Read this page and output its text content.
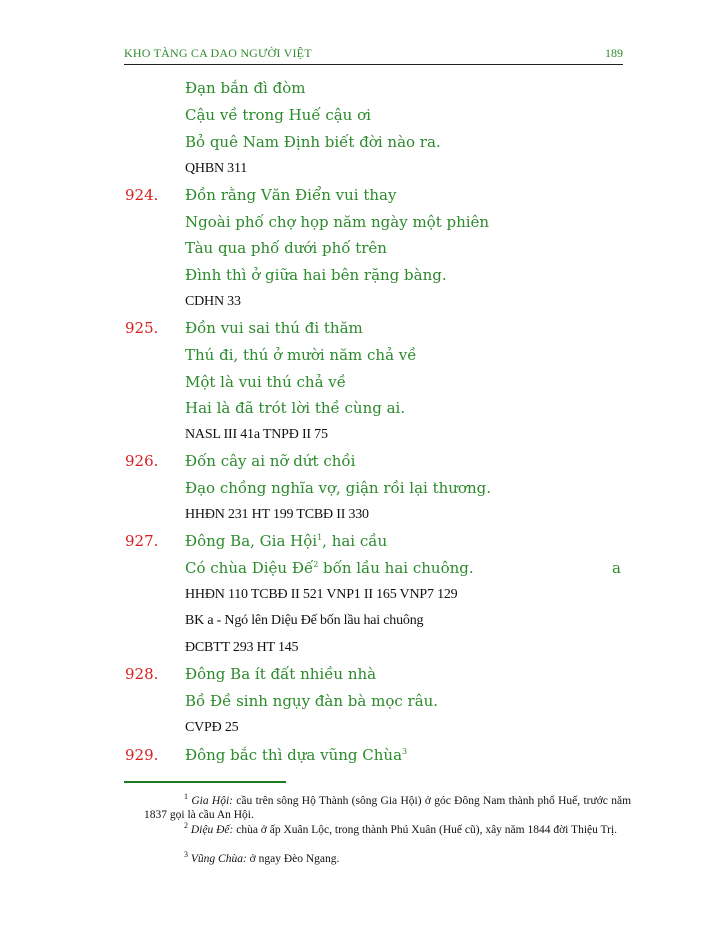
KHO TÀNG CA DAO NGƯỜI VIỆT	189
Đạn bắn đì đòm
Cậu về trong Huế cậu ơi
Bỏ quê Nam Định biết đời nào ra.
QHBN 311
924. Đồn rằng Văn Điển vui thay
Ngoài phố chợ họp năm ngày một phiên
Tàu qua phố dưới phố trên
Đình thì ở giữa hai bên rặng bàng.
CDHN 33
925. Đồn vui sai thú đi thăm
Thú đi, thú ở mười năm chả về
Một là vui thú chả về
Hai là đã trót lời thề cùng ai.
NASL III 41a TNPĐ II 75
926. Đốn cây ai nỡ dứt chồi
Đạo chồng nghĩa vợ, giận rồi lại thương.
HHĐN 231 HT 199 TCBĐ II 330
927. Đông Ba, Gia Hội$^1$, hai cầu
Có chùa Diệu Đế$^2$ bốn lầu hai chuông.	a
HHĐN 110 TCBĐ II 521 VNP1 II 165 VNP7 129
BK a - Ngó lên Diệu Đế bốn lầu hai chuông
ĐCBTT 293 HT 145
928. Đông Ba ít đất nhiều nhà
Bồ Đề sinh ngụy đàn bà mọc râu.
CVPĐ 25
929. Đông bắc thì dựa vũng Chùa$^3$
$^1$ Gia Hội: cầu trên sông Hộ Thành (sông Gia Hội) ở góc Đông Nam thành phố Huế, trước năm 1837 gọi là cầu An Hội.
$^2$ Diệu Đế: chùa ở ấp Xuân Lộc, trong thành Phú Xuân (Huế cũ), xây năm 1844 đời Thiệu Trị.
$^3$ Vũng Chùa: ở ngay Đèo Ngang.
